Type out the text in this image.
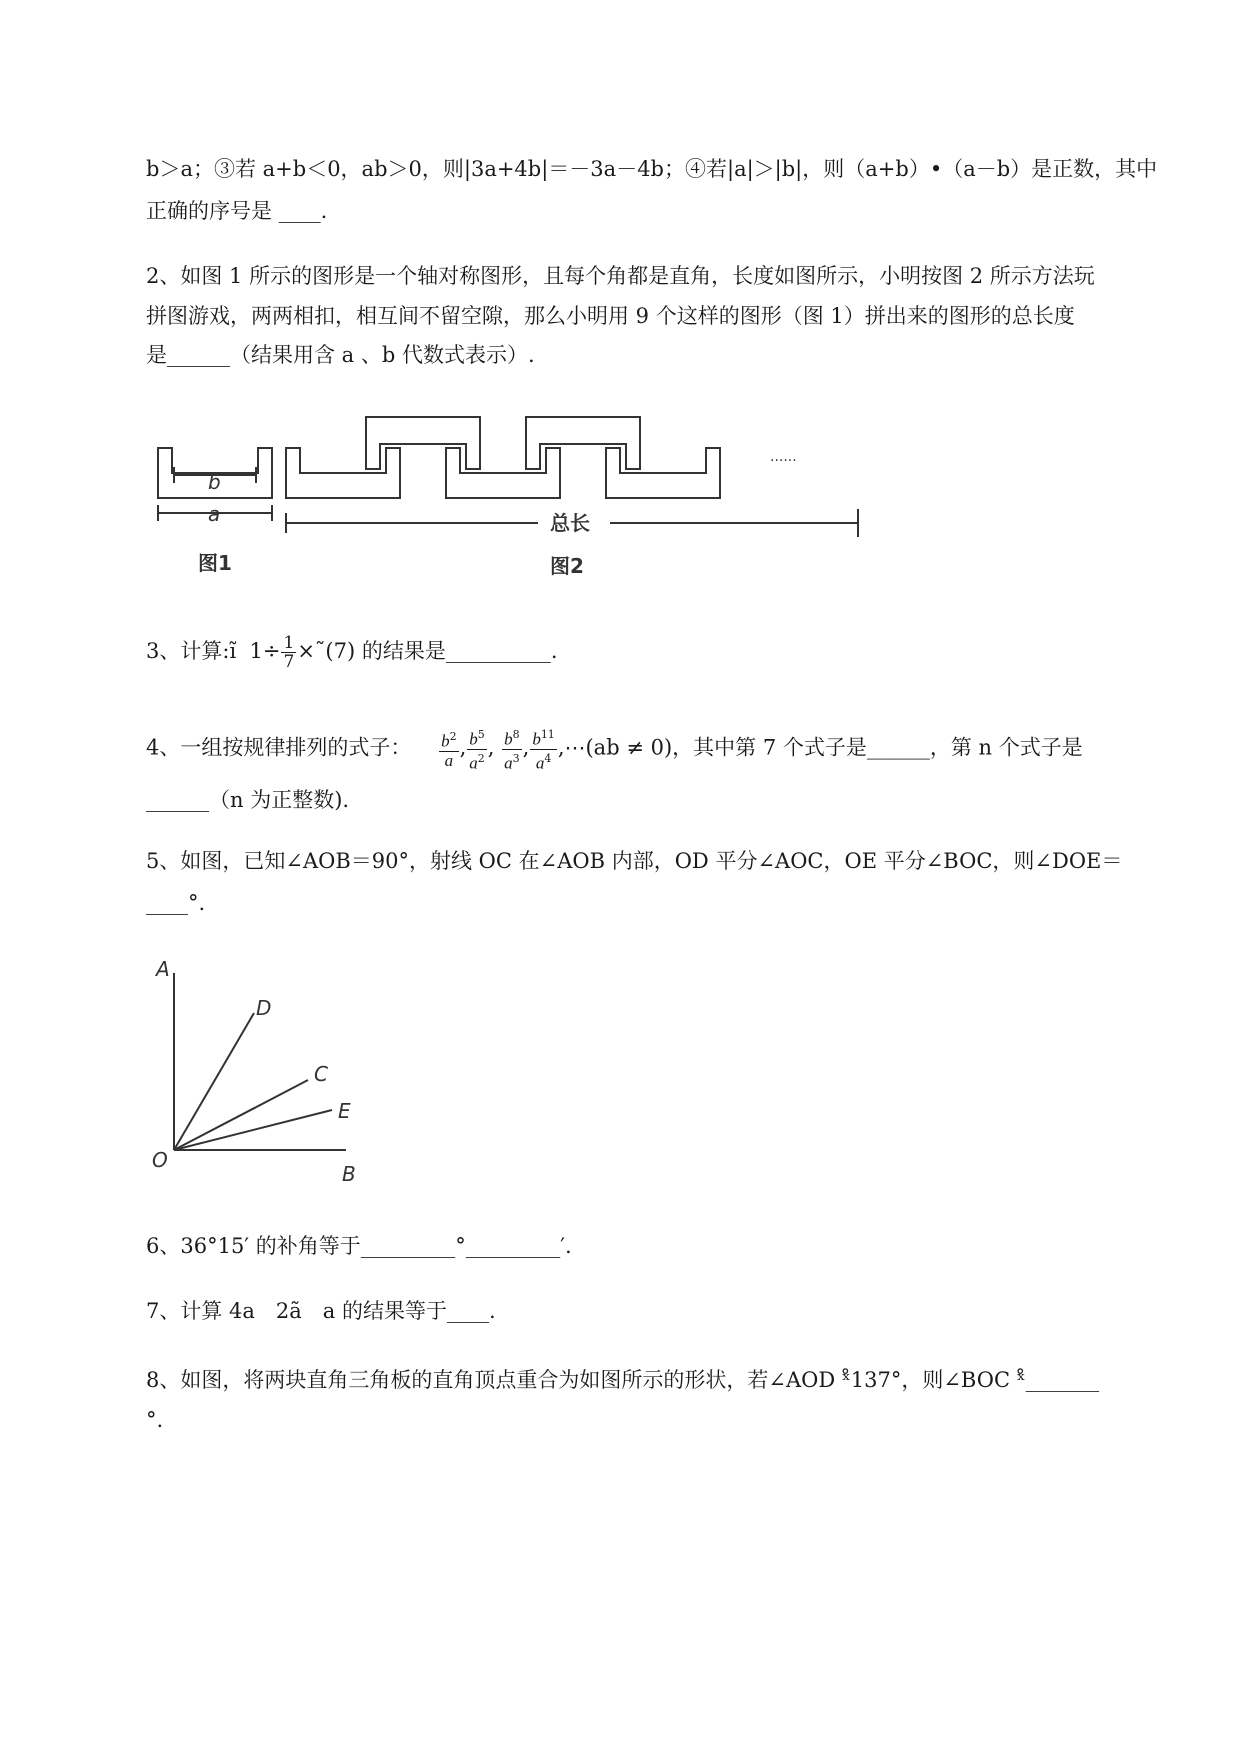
b＞a；③若 a+b＜0，ab＞0，则|3a+4b|＝－3a－4b；④若|a|＞|b|，则（a+b）•（a－b）是正数，其中
正确的序号是 ____.
2、如图 1 所示的图形是一个轴对称图形，且每个角都是直角，长度如图所示，小明按图 2 所示方法玩
拼图游戏，两两相扣，相互间不留空隙，那么小明用 9 个这样的图形（图 1）拼出来的图形的总长度
是______（结果用含 a 、b 代数式表示）.
b
a
图1
总长
图2
......
3、计算:ĩ $1\div \frac{1}{7}$ ×˜(7) 的结果是__________.
4、一组按规律排列的式子： $\frac{b^2}{a}$ , $\frac{b^5}{a^2}$ , $\frac{b^8}{a^3}$ , $\frac{b^{11}}{a^4}$ ,⋯(ab ≠ 0)，其中第 7 个式子是______，第 n 个式子是
______（n 为正整数).
5、如图，已知∠AOB＝90°，射线 OC 在∠AOB 内部，OD 平分∠AOC，OE 平分∠BOC，则∠DOE＝
____°.
A
D
C
E
O
B
6、36°15′ 的补角等于_________°_________′.
7、计算 4a　2ã　a 的结果等于____.
8、如图，将两块直角三角板的直角顶点重合为如图所示的形状，若∠AOD ˣ̊137°，则∠BOC ˣ̊_______
°.
